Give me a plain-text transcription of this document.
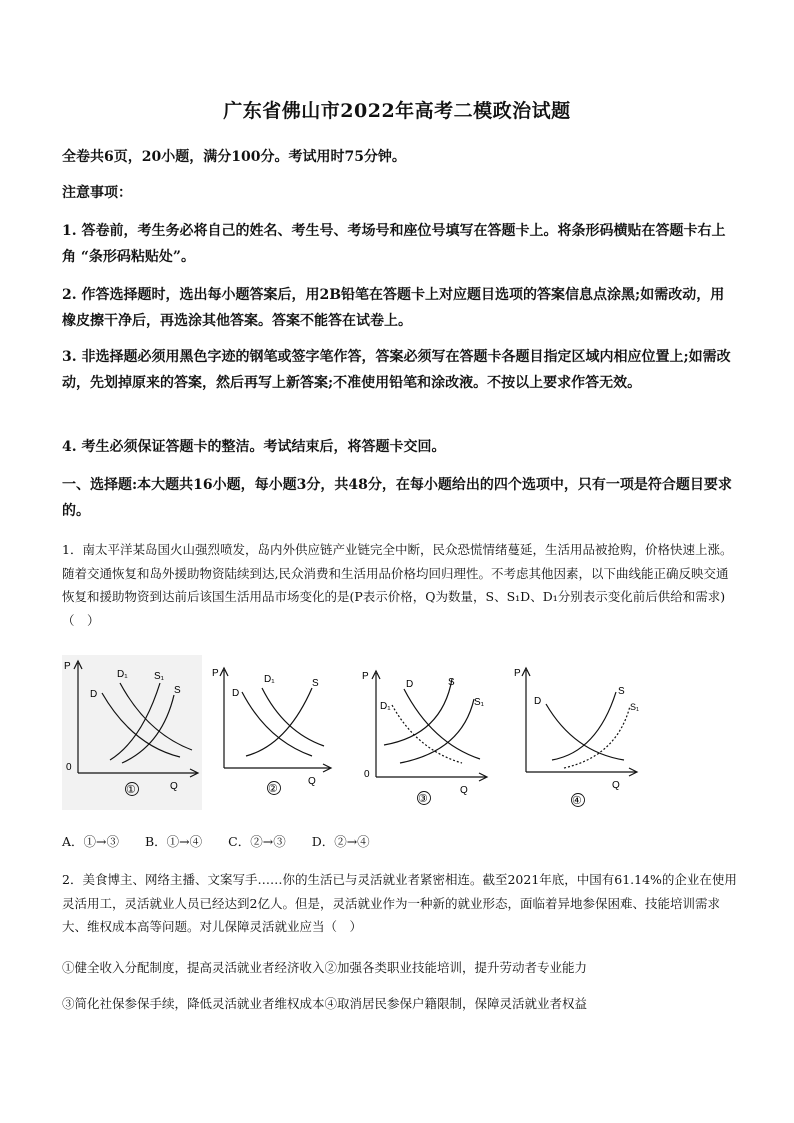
广东省佛山市2022年高考二模政治试题
全卷共6页，20小题，满分100分。考试用时75分钟。
注意事项：
1. 答卷前，考生务必将自己的姓名、考生号、考场号和座位号填写在答题卡上。将条形码横贴在答题卡右上角 “条形码粘贴处”。
2. 作答选择题时，选出每小题答案后，用2B铅笔在答题卡上对应题目选项的答案信息点涂黑;如需改动，用橡皮擦干净后，再选涂其他答案。答案不能答在试卷上。
3. 非选择题必须用黑色字迹的钢笔或签字笔作答，答案必须写在答题卡各题目指定区域内相应位置上;如需改动，先划掉原来的答案，然后再写上新答案;不准使用铅笔和涂改液。不按以上要求作答无效。
4. 考生必须保证答题卡的整洁。考试结束后，将答题卡交回。
一、选择题:本大题共16小题，每小题3分，共48分，在每小题给出的四个选项中，只有一项是符合题目要求的。
1．南太平洋某岛国火山强烈喷发，岛内外供应链产业链完全中断，民众恐慌情绪蔓延，生活用品被抢购，价格快速上涨。随着交通恢复和岛外援助物资陆续到达,民众消费和生活用品价格均回归理性。不考虑其他因素，以下曲线能正确反映交通恢复和援助物资到达前后该国生活用品市场变化的是(P表示价格，Q为数量，S、S₁D、D₁分别表示变化前后供给和需求)（　）
P
0
Q
D
D₁	S₁
S
①
P
Q
D
D₁	S
②
P
0
Q
D₁
D	S
S₁
③
P
Q
D
S
S₁
④
A．①→③ B．①→④ C．②→③ D．②→④
2．美食博主、网络主播、文案写手……你的生活已与灵活就业者紧密相连。截至2021年底，中国有61.14%的企业在使用灵活用工，灵活就业人员已经达到2亿人。但是，灵活就业作为一种新的就业形态，面临着异地参保困难、技能培训需求大、维权成本高等问题。对儿保障灵活就业应当（　）
①健全收入分配制度，提高灵活就业者经济收入②加强各类职业技能培训，提升劳动者专业能力
③简化社保参保手续，降低灵活就业者维权成本④取消居民参保户籍限制，保障灵活就业者权益
